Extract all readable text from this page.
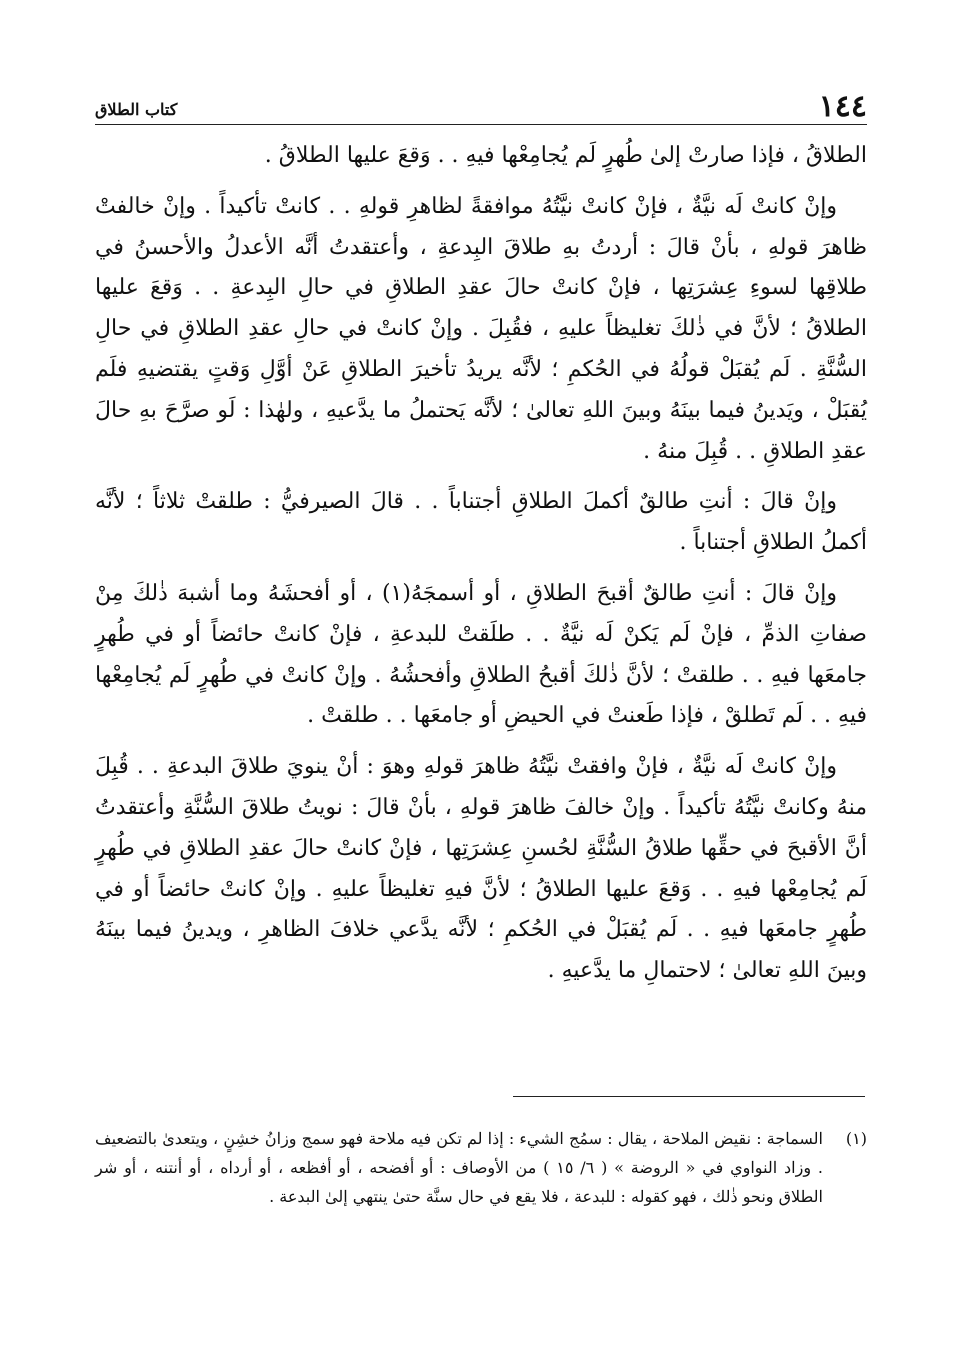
١٤٤
كتاب الطلاق

الطلاقُ ، فإذا صارتْ إلىٰ طُهرٍ لَم يُجامِعْها فيهِ . . وَقعَ عليها الطلاقُ .

وإنْ كانتْ لَه نيَّةٌ ، فإنْ كانتْ نيَّتُهُ موافقةً لظاهرِ قولهِ . . كانتْ تأكيداً . وإنْ خالفتْ ظاهرَ قولهِ ، بأنْ قالَ : أردتُ بهِ طلاقَ البِدعةِ ، وأعتقدتُ أنَّه الأعدلُ والأحسنُ في طلاقِها لسوءِ عِشرَتِها ، فإنْ كانتْ حالَ عقدِ الطلاقِ في حالِ البِدعةِ . . وَقعَ عليها الطلاقُ ؛ لأنَّ في ذٰلكَ تغليظاً عليهِ ، فقُبِلَ . وإنْ كانتْ في حالِ عقدِ الطلاقِ في حالِ السُّنَّةِ . لَم يُقبَلْ قولُهُ في الحُكمِ ؛ لأنَّه يريدُ تأخيرَ الطلاقِ عَنْ أوَّلِ وَقتٍ يقتضيهِ فلَم يُقبَلْ ، ويَدينُ فيما بينَهُ وبينَ اللهِ تعالىٰ ؛ لأنَّه يَحتملُ ما يدَّعيهِ ، ولهٰذا : لَو صرَّحَ بهِ حالَ عقدِ الطلاقِ . . قُبِلَ منهُ .

وإنْ قالَ : أنتِ طالقٌ أكملَ الطلاقِ أجتناباً . . قالَ الصيرفيُّ : طلقتْ ثلاثاً ؛ لأنَّه أكملُ الطلاقِ أجتناباً .

وإنْ قالَ : أنتِ طالقٌ أقبحَ الطلاقِ ، أو أسمجَهُ(١) ، أو أفحشَهُ وما أشبهَ ذٰلكَ مِنْ صفاتِ الذمِّ ، فإنْ لَم يَكنْ لَه نيَّةٌ . . طلَقتْ للبدعةِ ، فإنْ كانتْ حائضاً أو في طُهرٍ جامعَها فيهِ . . طلقتْ ؛ لأنَّ ذٰلكَ أقبحُ الطلاقِ وأفحشُهُ . وإنْ كانتْ في طُهرٍ لَم يُجامِعْها فيهِ . . لَم تَطلقْ ، فإذا طَعنتْ في الحيضِ أو جامعَها . . طلقتْ .

وإنْ كانتْ لَه نيَّةٌ ، فإنْ وافقتْ نيَّتُهُ ظاهرَ قولهِ وهوَ : أنْ ينويَ طلاقَ البدعةِ . . قُبِلَ منهُ وكانتْ نيَّتُهُ تأكيداً . وإنْ خالفَ ظاهرَ قولهِ ، بأنْ قالَ : نويتُ طلاقَ السُّنَّةِ وأعتقدتُ أنَّ الأقبحَ في حقِّها طلاقُ السُّنَّةِ لحُسنِ عِشرَتِها ، فإنْ كانتْ حالَ عقدِ الطلاقِ في طُهرٍ لَم يُجامِعْها فيهِ . . وَقعَ عليها الطلاقُ ؛ لأنَّ فيهِ تغليظاً عليهِ . وإنْ كانتْ حائضاً أو في طُهرٍ جامعَها فيهِ . . لَم يُقبَلْ في الحُكمِ ؛ لأنَّه يدَّعي خلافَ الظاهرِ ، ويدينُ فيما بينَهُ وبينَ اللهِ تعالىٰ ؛ لاحتمالِ ما يدَّعيهِ .

(١)
السماجة : نقيض الملاحة ، يقال : سمُج الشيء : إذا لم تكن فيه ملاحة فهو سمج وزانُ خشِنٍ ، ويتعدىٰ بالتضعيف . وزاد النواوي في « الروضة » ( ٦/ ١٥ ) من الأوصاف : أو أفضحه ، أو أفظعه ، أو أرداه ، أو أنتنه ، أو شر الطلاق ونحو ذٰلك ، فهو كقوله : للبدعة ، فلا يقع في حال سنَّة حتىٰ ينتهي إلىٰ البدعة .
